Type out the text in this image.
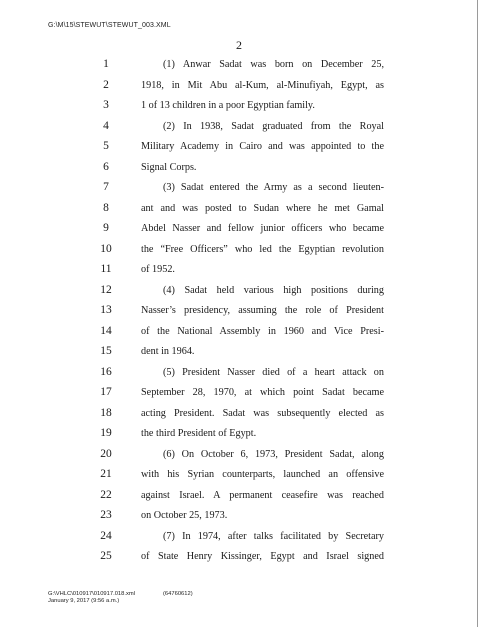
G:\M\15\STEWUT\STEWUT_003.XML
2
1	(1) Anwar Sadat was born on December 25,
2	1918, in Mit Abu al-Kum, al-Minufiyah, Egypt, as
3	1 of 13 children in a poor Egyptian family.
4	(2) In 1938, Sadat graduated from the Royal
5	Military Academy in Cairo and was appointed to the
6	Signal Corps.
7	(3) Sadat entered the Army as a second lieuten-
8	ant and was posted to Sudan where he met Gamal
9	Abdel Nasser and fellow junior officers who became
10	the “Free Officers” who led the Egyptian revolution
11	of 1952.
12	(4) Sadat held various high positions during
13	Nasser’s presidency, assuming the role of President
14	of the National Assembly in 1960 and Vice Presi-
15	dent in 1964.
16	(5) President Nasser died of a heart attack on
17	September 28, 1970, at which point Sadat became
18	acting President. Sadat was subsequently elected as
19	the third President of Egypt.
20	(6) On October 6, 1973, President Sadat, along
21	with his Syrian counterparts, launched an offensive
22	against Israel. A permanent ceasefire was reached
23	on October 25, 1973.
24	(7) In 1974, after talks facilitated by Secretary
25	of State Henry Kissinger, Egypt and Israel signed
G:\VHLC\010917\010917.018.xml
January 9, 2017 (9:56 a.m.)
(64760612)
